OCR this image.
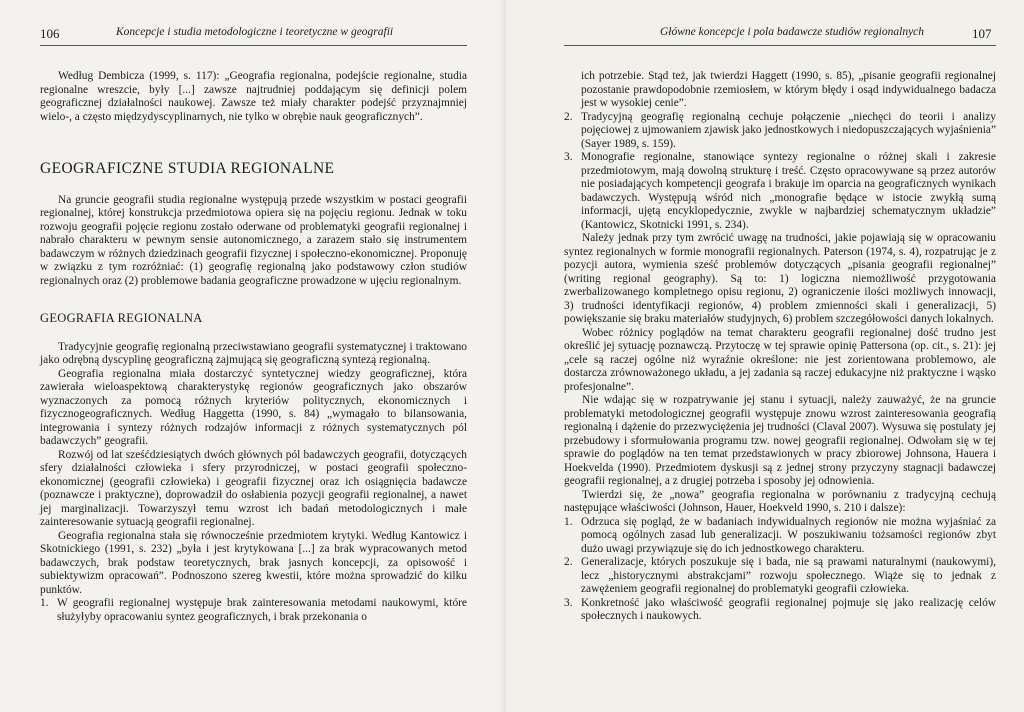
106	Koncepcje i studia metodologiczne i teoretyczne w geografii

Według Dembicza (1999, s. 117): „Geografia regionalna, podejście regionalne, studia regionalne wreszcie, były [...] zawsze najtrudniej poddającym się definicji polem geograficznej działalności naukowej. Zawsze też miały charakter podejść przyznajmniej wielo-, a często międzydyscyplinarnych, nie tylko w obrębie nauk geograficznych”.

GEOGRAFICZNE STUDIA REGIONALNE

Na gruncie geografii studia regionalne występują przede wszystkim w postaci geografii regionalnej, której konstrukcja przedmiotowa opiera się na pojęciu regionu. Jednak w toku rozwoju geografii pojęcie regionu zostało oderwane od problematyki geografii regionalnej i nabrało charakteru w pewnym sensie autonomicznego, a zarazem stało się instrumentem badawczym w różnych dziedzinach geografii fizycznej i społeczno-ekonomicznej. Proponuję w związku z tym rozróżniać: (1) geografię regionalną jako podstawowy człon studiów regionalnych oraz (2) problemowe badania geograficzne prowadzone w ujęciu regionalnym.

GEOGRAFIA REGIONALNA

Tradycyjnie geografię regionalną przeciwstawiano geografii systematycznej i traktowano jako odrębną dyscyplinę geograficzną zajmującą się geograficzną syntezą regionalną.

Geografia regionalna miała dostarczyć syntetycznej wiedzy geograficznej, która zawierała wieloaspektową charakterystykę regionów geograficznych jako obszarów wyznaczonych za pomocą różnych kryteriów politycznych, ekonomicznych i fizycznogeograficznych. Według Haggetta (1990, s. 84) „wymagało to bilansowania, integrowania i syntezy różnych rodzajów informacji z różnych systematycznych pól badawczych” geografii.

Rozwój od lat sześćdziesiątych dwóch głównych pól badawczych geografii, dotyczących sfery działalności człowieka i sfery przyrodniczej, w postaci geografii społeczno-ekonomicznej (geografii człowieka) i geografii fizycznej oraz ich osiągnięcia badawcze (poznawcze i praktyczne), doprowadził do osłabienia pozycji geografii regionalnej, a nawet jej marginalizacji. Towarzyszył temu wzrost ich badań metodologicznych i małe zainteresowanie sytuacją geografii regionalnej.

Geografia regionalna stała się równocześnie przedmiotem krytyki. Według Kantowicz i Skotnickiego (1991, s. 232) „była i jest krytykowana [...] za brak wypracowanych metod badawczych, brak podstaw teoretycznych, brak jasnych koncepcji, za opisowość i subiektywizm opracowań”. Podnoszono szereg kwestii, które można sprowadzić do kilku punktów.

1. W geografii regionalnej występuje brak zainteresowania metodami naukowymi, które służyłyby opracowaniu syntez geograficznych, i brak przekonania o
Główne koncepcje i pola badawcze studiów regionalnych	107

ich potrzebie. Stąd też, jak twierdzi Haggett (1990, s. 85), „pisanie geografii regionalnej pozostanie prawdopodobnie rzemiosłem, w którym błędy i osąd indywidualnego badacza jest w wysokiej cenie”.

2. Tradycyjną geografię regionalną cechuje połączenie „niechęci do teorii i analizy pojęciowej z ujmowaniem zjawisk jako jednostkowych i niedopuszczających wyjaśnienia” (Sayer 1989, s. 159).
3. Monografie regionalne, stanowiące syntezy regionalne o różnej skali i zakresie przedmiotowym, mają dowolną strukturę i treść. Często opracowywane są przez autorów nie posiadających kompetencji geografa i brakuje im oparcia na geograficznych wynikach badawczych. Występują wśród nich „monografie będące w istocie zwykłą sumą informacji, ujętą encyklopedycznie, zwykle w najbardziej schematycznym układzie” (Kantowicz, Skotnicki 1991, s. 234).

Należy jednak przy tym zwrócić uwagę na trudności, jakie pojawiają się w opracowaniu syntez regionalnych w formie monografii regionalnych. Paterson (1974, s. 4), rozpatrując je z pozycji autora, wymienia sześć problemów dotyczących „pisania geografii regionalnej” (writing regional geography). Są to: 1) logiczna niemożliwość przygotowania zwerbalizowanego kompletnego opisu regionu, 2) ograniczenie ilości możliwych innowacji, 3) trudności identyfikacji regionów, 4) problem zmienności skali i generalizacji, 5) powiększanie się braku materiałów studyjnych, 6) problem szczegółowości danych lokalnych.

Wobec różnicy poglądów na temat charakteru geografii regionalnej dość trudno jest określić jej sytuację poznawczą. Przytoczę w tej sprawie opinię Pattersona (op. cit., s. 21): jej „cele są raczej ogólne niż wyraźnie określone: nie jest zorientowana problemowo, ale dostarcza zrównoważonego układu, a jej zadania są raczej edukacyjne niż praktyczne i wąsko profesjonalne”.

Nie wdając się w rozpatrywanie jej stanu i sytuacji, należy zauważyć, że na gruncie problematyki metodologicznej geografii występuje znowu wzrost zainteresowania geografią regionalną i dążenie do przezwyciężenia jej trudności (Claval 2007). Wysuwa się postulaty jej przebudowy i sformułowania programu tzw. nowej geografii regionalnej. Odwołam się w tej sprawie do poglądów na ten temat przedstawionych w pracy zbiorowej Johnsona, Hauera i Hoekvelda (1990). Przedmiotem dyskusji są z jednej strony przyczyny stagnacji badawczej geografii regionalnej, a z drugiej potrzeba i sposoby jej odnowienia.

Twierdzi się, że „nowa” geografia regionalna w porównaniu z tradycyjną cechują następujące właściwości (Johnson, Hauer, Hoekveld 1990, s. 210 i dalsze):

1. Odrzuca się pogląd, że w badaniach indywidualnych regionów nie można wyjaśniać za pomocą ogólnych zasad lub generalizacji. W poszukiwaniu tożsamości regionów zbyt dużo uwagi przywiązuje się do ich jednostkowego charakteru.
2. Generalizacje, których poszukuje się i bada, nie są prawami naturalnymi (naukowymi), lecz „historycznymi abstrakcjami” rozwoju społecznego. Wiąże się to jednak z zawężeniem geografii regionalnej do problematyki geografii człowieka.
3. Konkretność jako właściwość geografii regionalnej pojmuje się jako realizację celów społecznych i naukowych.
